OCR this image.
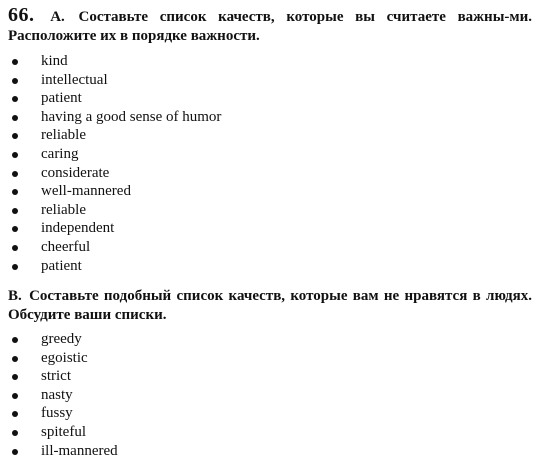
66. А. Составьте список качеств, которые вы считаете важны-ми. Расположите их в порядке важности.
kind
intellectual
patient
having a good sense of humor
reliable
caring
considerate
well-mannered
reliable
independent
cheerful
patient
В. Составьте подобный список качеств, которые вам не нравятся в людях. Обсудите ваши списки.
greedy
egoistic
strict
nasty
fussy
spiteful
ill-mannered
